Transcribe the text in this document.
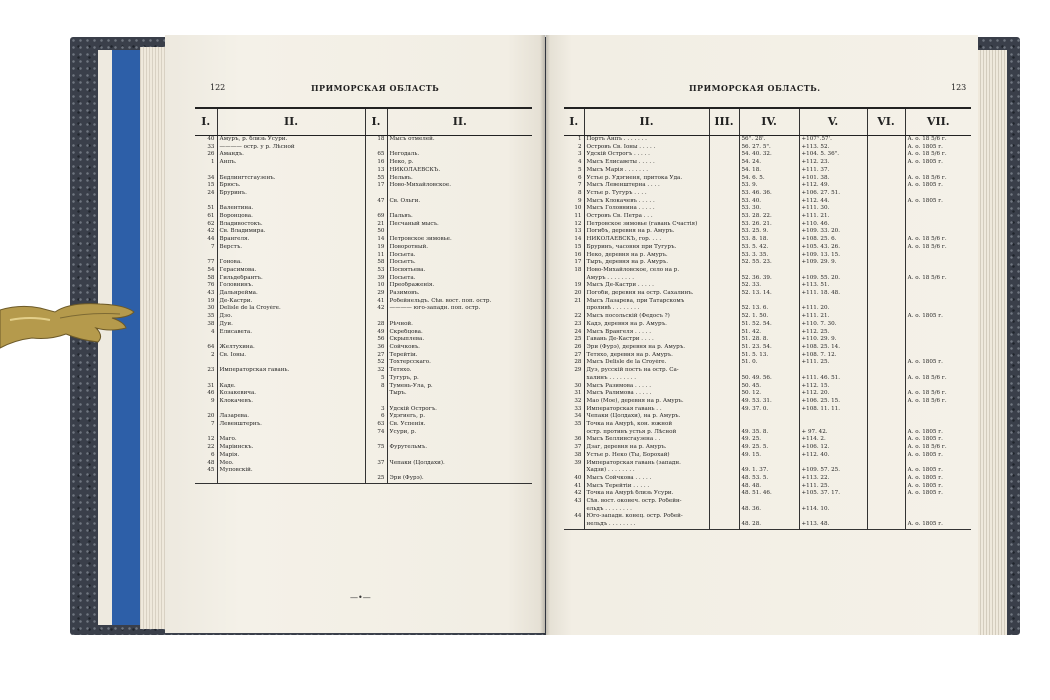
122	ПРИМОРСКАЯ ОБЛАСТЬ
I.	II.	I.	II.
40	Амуръ, р. близь Усури.	18	Мысъ отмелей.
33	———— остр. у р. Лѣсной		
26	Амандъ.	65	Негодаль.
1	Анпъ.	16	Неко, р.
		13	НИКОЛАЕВСКЪ.
34	Бедлингтсгаузенъ.	55	Нельвъ.
15	Брюсъ.	17	Ново-Михайловское.
24	Бруринъ.		
		47	Св. Ольги.
51	Валентина.		
61	Воронцова.	69	Пальвъ.
62	Владивостокъ.	21	Песчаный мысъ.
42	Св. Владимира.	50	
44	Врангеля.	14	Петровское зимовье.
7	Верстъ.	19	Поворотный.
		11	Посьета.
77	Гонова.	58	Посьетъ.
54	Герасимова.	53	Посвятьева.
58	Гильдебрантъ.	39	Посьета.
76	Головнинъ.	10	Преображенія.

43	Дальнрейма.	29	Разимовъ.
19	Де-Кастри.	41	Робейнельдъ. Сѣв. вост. поп. остр.
30	Delisle de la Croyère.	42	———— юго-западн. поп. остр.
35	Дзо.		
38	Дуи.	28	Рѣчной.

4	Елисавета.	49	Скребцова.
		56	Скрыплева.
64	Желтухина.	36	Сойчковъ.

2	Св. Іоны.	27	Терейтіи.
		52	Тохтерсскаго.
23	Императорская гавань.	32	Тетяхо.
		5	Тугуръ, р.
31	Каде.	8	Тумень-Ула, р.
46	Козакевича.		Тыръ.
9	Клокачевъ.		
		3	Удскій Острогъ.
20	Лазарева.	6	Удэгиегь, р.
7	Левенштернъ.	63	Св. Успенія.
		74	Усури, р.
12	Маго.		
22	Маріинскъ.	75	Фурутельмъ.
6	Марія.		
48	Мео.	37	Чепаки (Цолдахи).
45	Муповскій.		
		25	Эри (Фурэ).
—•—
ПРИМОРСКАЯ ОБЛАСТЬ.	123
I.	II.	III.	IV.	V.	VI.	VII.
1	Портъ Анпъ . . . . . . .		56°. 28'.	+107°.57'.		А. о. 18 5/6 г.
2	Островъ Св. Іоны . . . . .		56. 27. 5".	+113. 52.		А. о. 1805 г.
3	Удскій Острогъ . . . . .		54. 40. 32.	+104. 5. 36".		А. о. 18 5/6 г.
4	Мысъ Елисаветы . . . . .		54. 24.	+112. 23.		А. о. 1805 г.
5	Мысъ Марія . . . . . . .		54. 18.	+111. 37.		
6	Устье р. Удэгиеня, притока Уда.		54. 6. 5.	+101. 38.		А. о. 18 5/6 г.
7	Мысъ Левенштерна . . . .		53. 9.	+112. 49.		А. о. 1805 г.
8	Устье р. Тугуръ . . . .		53. 46. 36.	+106. 27. 51.		
9	Мысъ Клокачевъ . . . . .		53. 40.	+112. 44.		А. о. 1805 г.
10	Мысъ Головнина . . . . .		53. 30.	+111. 30.		
11	Островъ Св. Петра . . .		53. 28. 22.	+111. 21.		
12	Петровское зимовье (гавань Счастія)		53. 26. 21.	+110. 46.		
13	Погибъ, деревня на р. Амуръ.		53. 25. 9.	+109. 33. 20.		
14	НИКОЛАЕВСКЪ, гор. . . .		53. 8. 18.	+108. 25. 6.		А. о. 18 5/6 г.
15	Бруринъ, часовня при Тугуръ.		53. 5. 42.	+105. 43. 26.		А. о. 18 5/6 г.
16	Неко, деревня на р. Амуръ.		53. 3. 35.	+109. 13. 15.		
17	Тыръ, деревня на р. Амуръ.		52. 55. 23.	+109. 29. 9.		
18	Ново-Михайловское, село на р.					
	Амуръ . . . . . . . .		52. 36. 39.	+109. 55. 20.		А. о. 18 5/6 г.
19	Мысъ Де-Кастри . . . . .		52. 33.	+113. 51.		
20	Погоби, деревня на остр. Сахалинъ.		52. 13. 14.	+111. 18. 48.		
21	Мысъ Лазарева, при Татарскомъ					
	проливѣ . . . . . . . .		52. 13. 6.	+111. 20.		
22	Мысъ посольскій (Федосъ ?)		52. 1. 50.	+111. 21.		А. о. 1805 г.
23	Кадэ, деревня на р. Амуръ.		51. 52. 54.	+110. 7. 30.		
24	Мысъ Врангеля . . . . .		51. 42.	+112. 25.		
25	Гавань Де-Кастри . . . .		51. 28. 8.	+110. 29. 9.		
26	Эри (Фурэ), деревня на р. Амуръ.		51. 23. 54.	+108. 25. 14.		
27	Тетяхо, деревня на р. Амуръ.		51. 5. 13.	+108. 7. 12.		
28	Мысъ Delisle de la Croyère.		51. 0.	+111. 25.		А. о. 1805 г.
29	Дуэ, русскій постъ на остр. Са-					
	халинъ . . . . . . . .		50. 49. 56.	+111. 46. 51.		А. о. 18 5/6 г.
30	Мысъ Разимова . . . . .		50. 45.	+112. 15.		
31	Мысъ Ралимова . . . . .		50. 12.	+112. 20.		А. о. 18 5/6 г.
32	Мао (Мое), деревня на р. Амуръ.		49. 53. 31.	+106. 25. 15.		А. о. 18 5/6 г.
33	Императорская гавань . .		49. 37. 0.	+108. 11. 11.		
34	Чепаки (Цолдахи), на р. Амуръ.					
35	Точка на Амурѣ, кон. южной					
	остр. противъ устья р. Лѣсной		49. 35. 8.	+ 97. 42.		А. о. 1805 г.
36	Мысъ Беллинсгаузена . .		49. 25.	+114. 2.		А. о. 1805 г.
37	Дзаг, деревня на р. Амуръ.		49. 25. 5.	+106. 12.		А. о. 18 5/6 г.
38	Устье р. Неко (Ты, Борохай)		49. 15.	+112. 40.		А. о. 1805 г.
39	Императорская гавань (западн.					
	Хадзи) . . . . . . . .		49. 1. 37.	+109. 57. 25.		А. о. 1805 г.
40	Мысъ Сойчкова . . . . .		48. 53. 5.	+113. 22.		А. о. 1805 г.
41	Мысъ Терейтіи . . . . .		48. 48.	+111. 25.		А. о. 1805 г.
42	Точка на Амурѣ близь Усури.		48. 51. 46.	+105. 37. 17.		А. о. 1805 г.
43	Сѣв. вост. оконеч. остр. Робейн-					
	ельдъ . . . . . . . .		48. 36.	+114. 10.		
44	Юго-западн. конец. остр. Робей-					
	нельдъ . . . . . . . .		48. 28.	+113. 48.		А. о. 1805 г.
